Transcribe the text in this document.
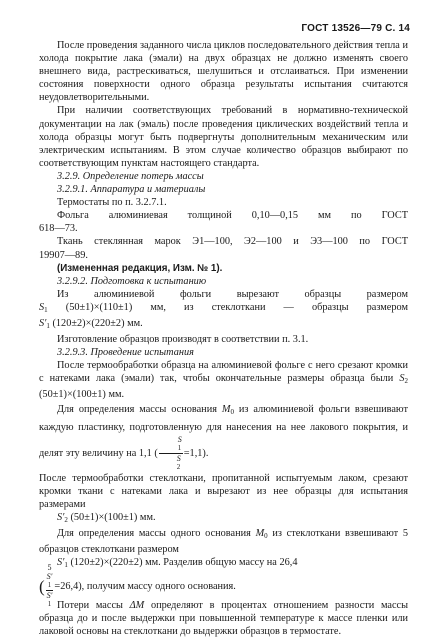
ГОСТ 13526—79 С. 14

После проведения заданного числа циклов последовательного действия тепла и холода покрытие лака (эмали) на двух образцах не должно изменять своего внешнего вида, растрескиваться, шелушиться и отслаиваться. При изменении состояния поверхности одного образца результаты испытания считаются неудовлетворительными.

При наличии соответствующих требований в нормативно-технической документации на лак (эмаль) после проведения циклических воздействий тепла и холода образцы могут быть подвергнуты дополнительным механическим или электрическим испытаниям. В этом случае количество образцов выбирают по соответствующим пунктам настоящего стандарта.

3.2.9. Определение потерь массы

3.2.9.1. Аппаратура и материалы

Термостаты по п. 3.2.7.1.

Фольга алюминиевая толщиной 0,10—0,15 мм по ГОСТ

618—73.

Ткань стеклянная марок Э1—100, Э2—100 и Э3—100 по ГОСТ

19907—89.

(Измененная редакция, Изм. № 1).

3.2.9.2. Подготовка к испытанию

Из алюминиевой фольги вырезают образцы размером

$S_1$ (50±1)×(110±1) мм, из стеклоткани — образцы размером

$S'_1$ (120±2)×(220±2) мм.

Изготовление образцов производят в соответствии п. 3.1.

3.2.9.3. Проведение испытания

После термообработки образца на алюминиевой фольге с него срезают кромки с натеками лака (эмали) так, чтобы окончательные размеры образца были $S_2$ (50±1)×(100±1) мм.

Для определения массы основания $M_0$ из алюминиевой фольги взвешивают каждую пластинку, подготовленную для нанесения на нее лакового покрытия, и делят эту величину на 1,1 ( S
1
S
2 =1,1).

После термообработки стеклоткани, пропитанной испытуемым лаком, срезают кромки ткани с натеками лака и вырезают из нее образцы для испытания размерами

$S'_2$ (50±1)×(100±1) мм.

Для определения массы одного основания $M_0$ из стеклоткани взвешивают 5 образцов стеклоткани размером

$S'_1$ (120±2)×(220±2) мм. Разделив общую массу на 26,4

( 5
S′
1
S′
1 =26,4), получим массу одного основания.

Потери массы ΔM определяют в процентах отношением разности массы образца до и после выдержки при повышенной температуре к массе пленки или лаковой основы на стеклоткани до выдержки образцов в термостате.
